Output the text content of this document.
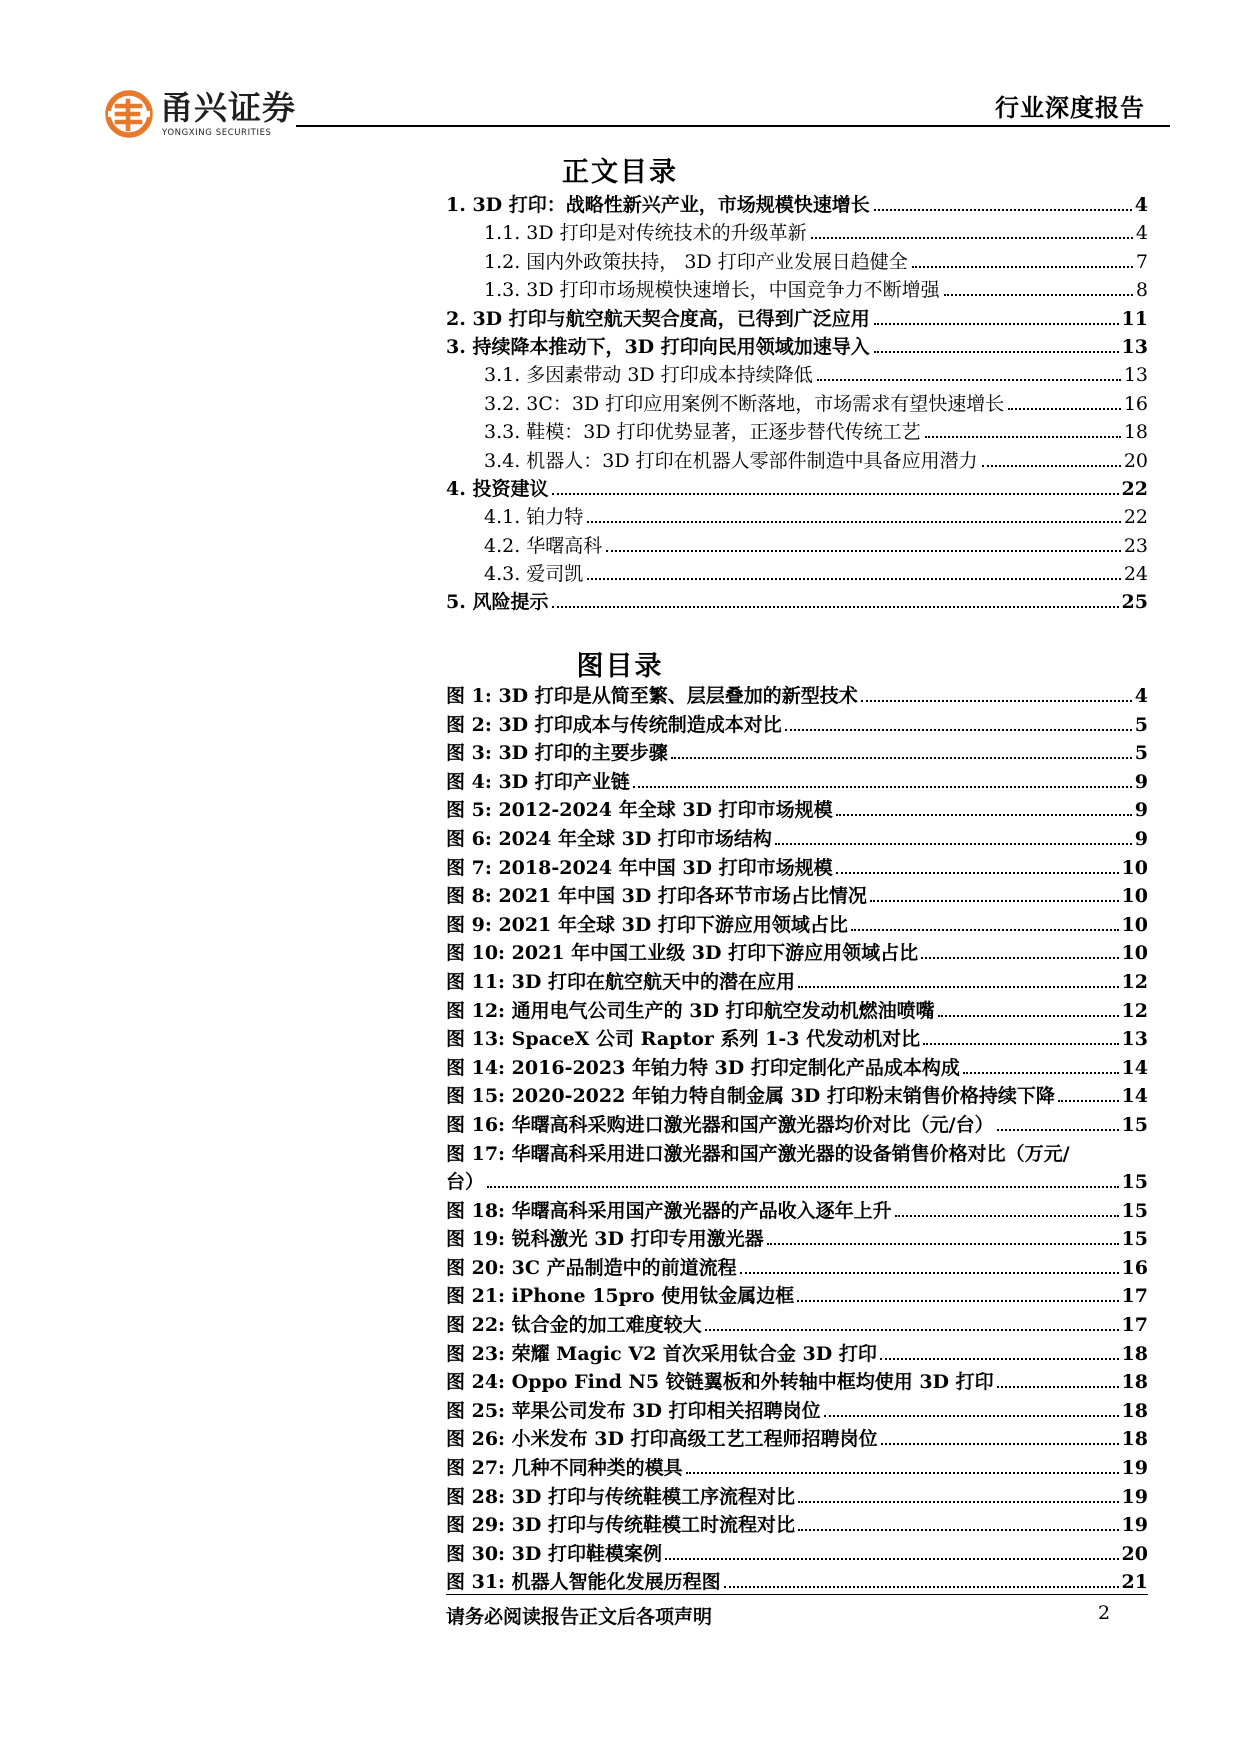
甬兴证券
YONGXING SECURITIES
行业深度报告
正文目录
1. 3D 打印：战略性新兴产业，市场规模快速增长	4
1.1. 3D 打印是对传统技术的升级革新	4
1.2. 国内外政策扶持， 3D 打印产业发展日趋健全	7
1.3. 3D 打印市场规模快速增长，中国竞争力不断增强	8
2. 3D 打印与航空航天契合度高，已得到广泛应用	11
3. 持续降本推动下，3D 打印向民用领域加速导入	13
3.1. 多因素带动 3D 打印成本持续降低	13
3.2. 3C：3D 打印应用案例不断落地，市场需求有望快速增长	16
3.3. 鞋模：3D 打印优势显著，正逐步替代传统工艺	18
3.4. 机器人：3D 打印在机器人零部件制造中具备应用潜力	20
4. 投资建议	22
4.1. 铂力特	22
4.2. 华曙高科	23
4.3. 爱司凯	24
5. 风险提示	25
图目录
图 1: 3D 打印是从简至繁、层层叠加的新型技术	4
图 2: 3D 打印成本与传统制造成本对比	5
图 3: 3D 打印的主要步骤	5
图 4: 3D 打印产业链	9
图 5: 2012-2024 年全球 3D 打印市场规模	9
图 6: 2024 年全球 3D 打印市场结构	9
图 7: 2018-2024 年中国 3D 打印市场规模	10
图 8: 2021 年中国 3D 打印各环节市场占比情况	10
图 9: 2021 年全球 3D 打印下游应用领域占比	10
图 10: 2021 年中国工业级 3D 打印下游应用领域占比	10
图 11: 3D 打印在航空航天中的潜在应用	12
图 12: 通用电气公司生产的 3D 打印航空发动机燃油喷嘴	12
图 13: SpaceX 公司 Raptor 系列 1-3 代发动机对比	13
图 14: 2016-2023 年铂力特 3D 打印定制化产品成本构成	14
图 15: 2020-2022 年铂力特自制金属 3D 打印粉末销售价格持续下降	14
图 16: 华曙高科采购进口激光器和国产激光器均价对比（元/台）	15
图 17: 华曙高科采用进口激光器和国产激光器的设备销售价格对比（万元/
台）	15
图 18: 华曙高科采用国产激光器的产品收入逐年上升	15
图 19: 锐科激光 3D 打印专用激光器	15
图 20: 3C 产品制造中的前道流程	16
图 21: iPhone 15pro 使用钛金属边框	17
图 22: 钛合金的加工难度较大	17
图 23: 荣耀 Magic V2 首次采用钛合金 3D 打印	18
图 24: Oppo Find N5 铰链翼板和外转轴中框均使用 3D 打印	18
图 25: 苹果公司发布 3D 打印相关招聘岗位	18
图 26: 小米发布 3D 打印高级工艺工程师招聘岗位	18
图 27: 几种不同种类的模具	19
图 28: 3D 打印与传统鞋模工序流程对比	19
图 29: 3D 打印与传统鞋模工时流程对比	19
图 30: 3D 打印鞋模案例	20
图 31: 机器人智能化发展历程图	21
请务必阅读报告正文后各项声明	2
